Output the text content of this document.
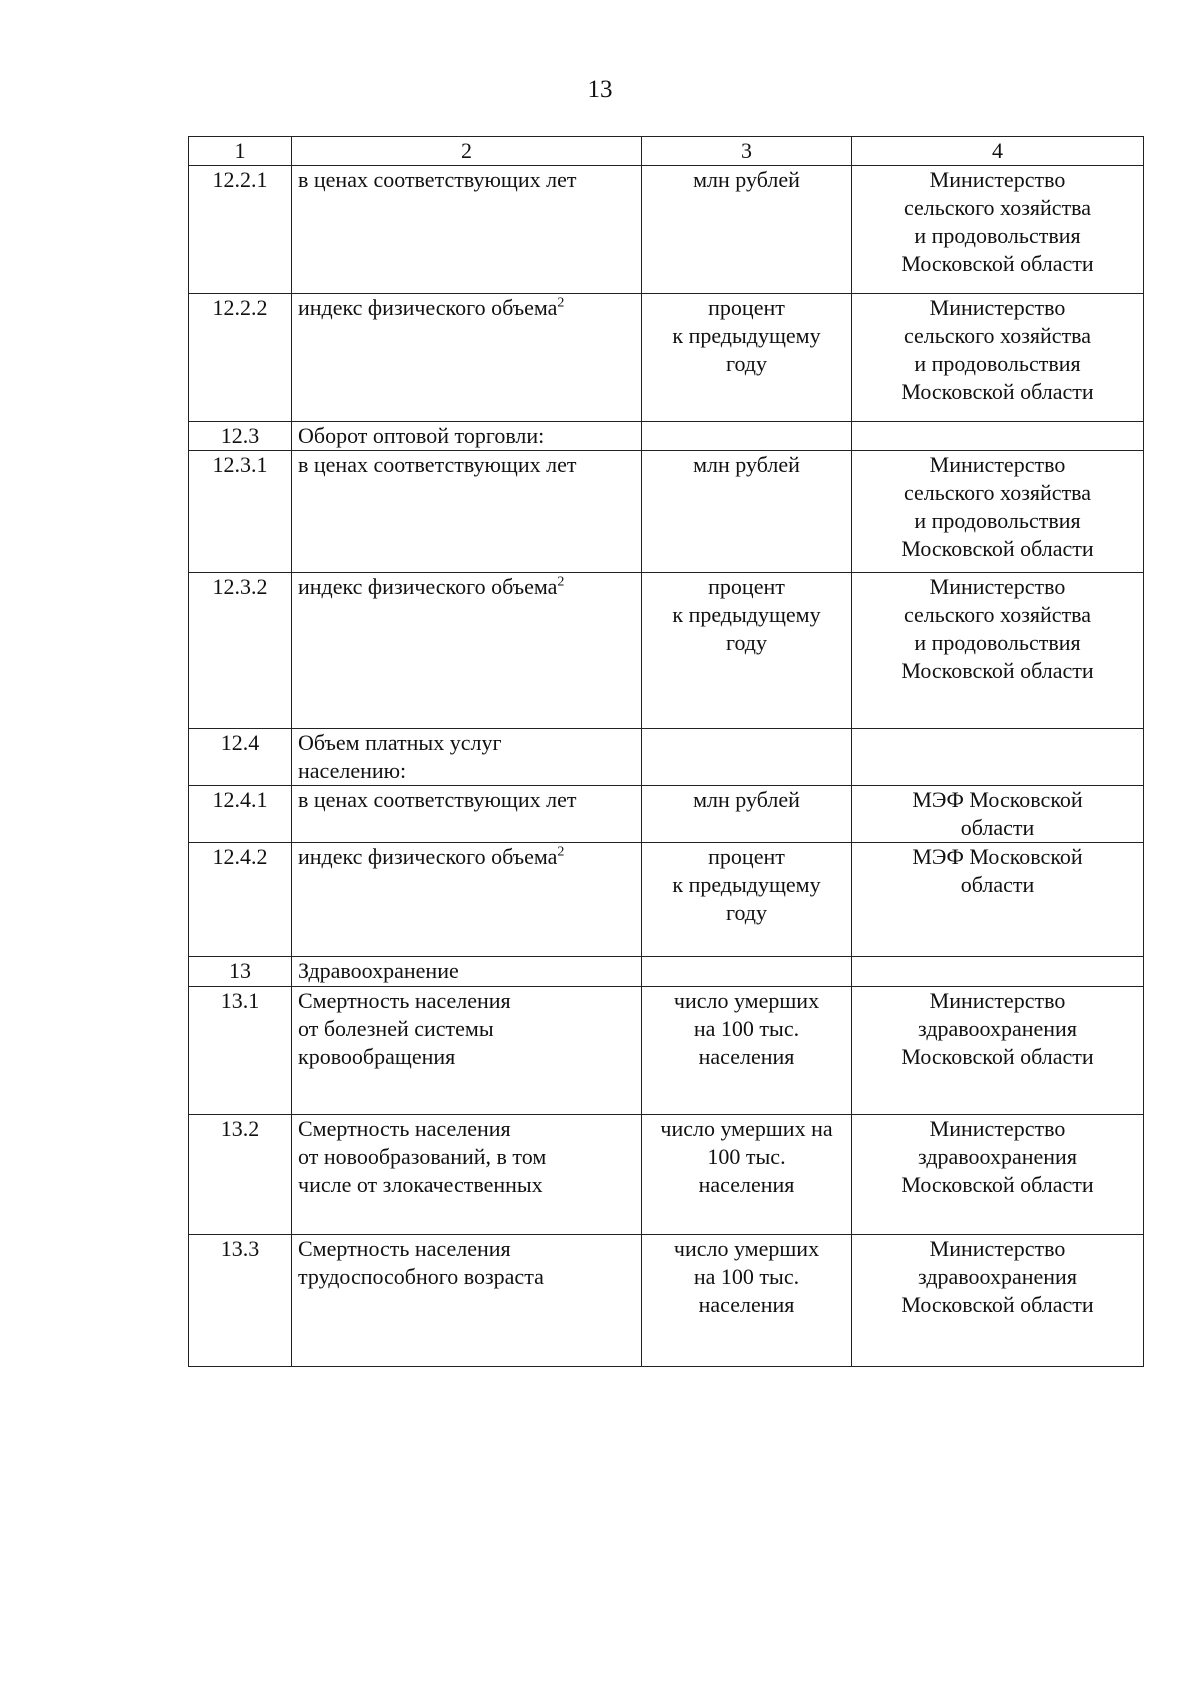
13
1	2	3	4
12.2.1	в ценах соответствующих лет	млн рублей	Министерство
сельского хозяйства
и продовольствия
Московской области
12.2.2	индекс физического объема$^2$	процент
к предыдущему
году	Министерство
сельского хозяйства
и продовольствия
Московской области
12.3	Оборот оптовой торговли:		
12.3.1	в ценах соответствующих лет	млн рублей	Министерство
сельского хозяйства
и продовольствия
Московской области
12.3.2	индекс физического объема$^2$	процент
к предыдущему
году	Министерство
сельского хозяйства
и продовольствия
Московской области
12.4	Объем платных услуг
населению:		
12.4.1	в ценах соответствующих лет	млн рублей	МЭФ Московской
области
12.4.2	индекс физического объема$^2$	процент
к предыдущему
году	МЭФ Московской
области
13	Здравоохранение		
13.1	Смертность населения
от болезней системы
кровообращения	число умерших
на 100 тыс.
населения	Министерство
здравоохранения
Московской области
13.2	Смертность населения
от новообразований, в том
числе от злокачественных	число умерших на
100 тыс.
населения	Министерство
здравоохранения
Московской области
13.3	Смертность населения
трудоспособного возраста	число умерших
на 100 тыс.
населения	Министерство
здравоохранения
Московской области
